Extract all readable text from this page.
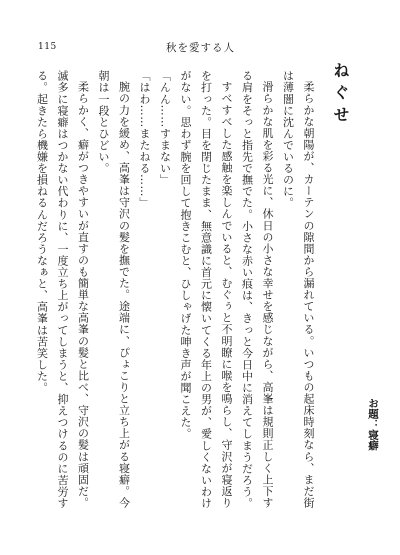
115	秋を愛する人
お題：寝癖
ねぐせ

柔らかな朝陽が、カーテンの隙間から漏れている。いつもの起床時刻なら、まだ街は薄闇に沈んでいるのに。

滑らかな肌を彩る光に、休日の小さな幸せを感じながら、高峯は規則正しく上下する肩をそっと指先で撫でた。小さな赤い痕は、きっと今日中に消えてしまうだろう。

すべすべした感触を楽しんでいると、むぐぅと不明瞭に喉を鳴らし、守沢が寝返りを打った。目を閉じたまま、無意識に首元に懐いてくる年上の男が、愛しくないわけがない。思わず腕を回して抱きこむと、ひしゃげた呻き声が聞こえた。

「んん……すまない」

「はわ……またねる……」

腕の力を緩め、高峯は守沢の髪を撫でた。途端に、ぴょこりと立ち上がる寝癖。今朝は一段とひどい。

柔らかく、癖がつきやすいが直すのも簡単な高峯の髪と比べ、守沢の髪は頑固だ。滅多に寝癖はつかない代わりに、一度立ち上がってしまうと、抑えつけるのに苦労する。起きたら機嫌を損ねるんだろうなぁと、高峯は苦笑した。
